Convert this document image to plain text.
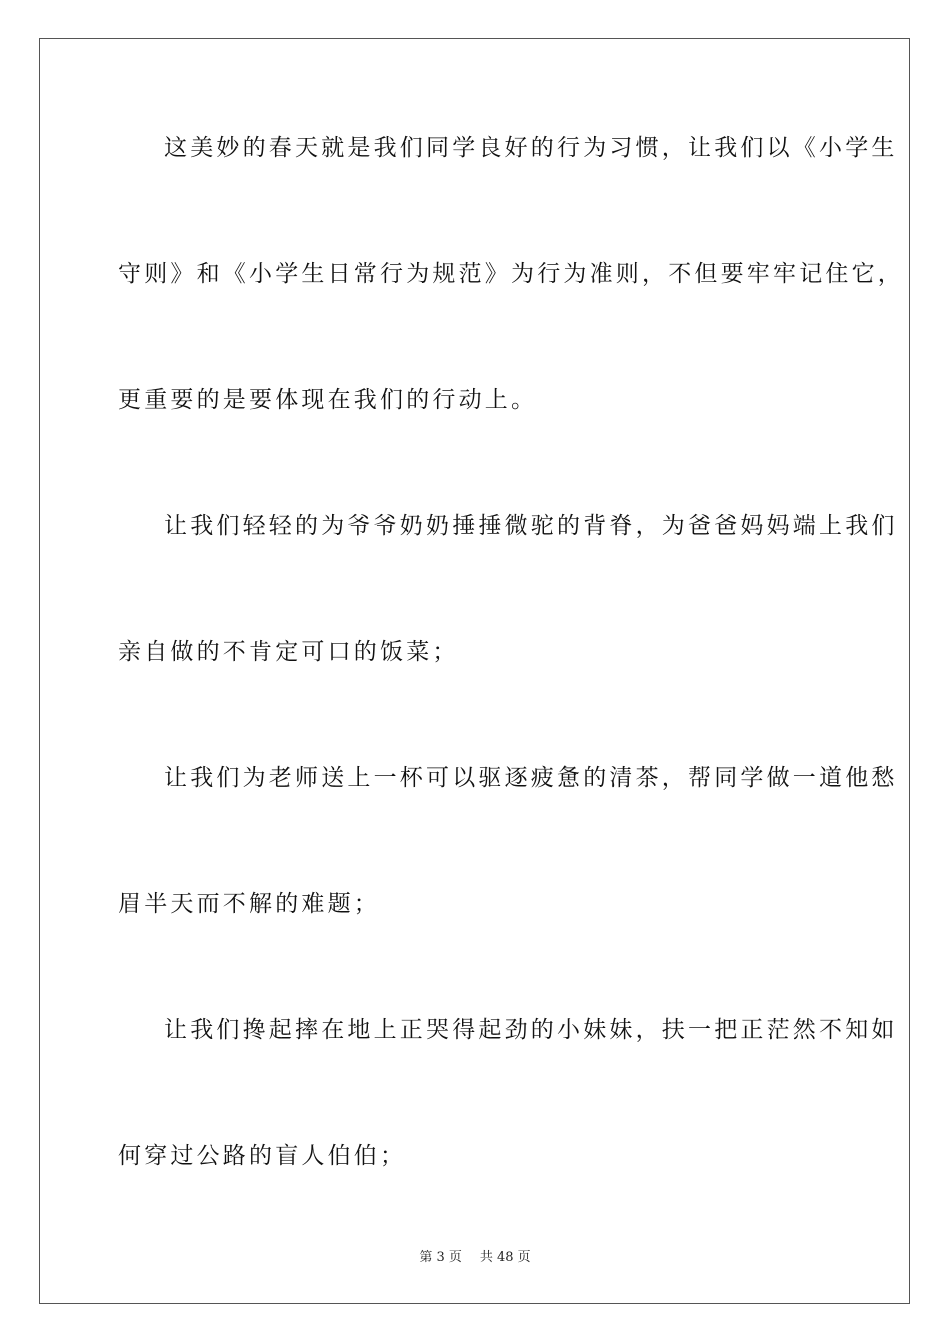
这美妙的春天就是我们同学良好的行为习惯，让我们以《小学生
守则》和《小学生日常行为规范》为行为准则，不但要牢牢记住它，
更重要的是要体现在我们的行动上。
让我们轻轻的为爷爷奶奶捶捶微驼的背脊，为爸爸妈妈端上我们
亲自做的不肯定可口的饭菜；
让我们为老师送上一杯可以驱逐疲惫的清茶，帮同学做一道他愁
眉半天而不解的难题；
让我们搀起摔在地上正哭得起劲的小妹妹，扶一把正茫然不知如
何穿过公路的盲人伯伯；
第 3 页 共 48 页
